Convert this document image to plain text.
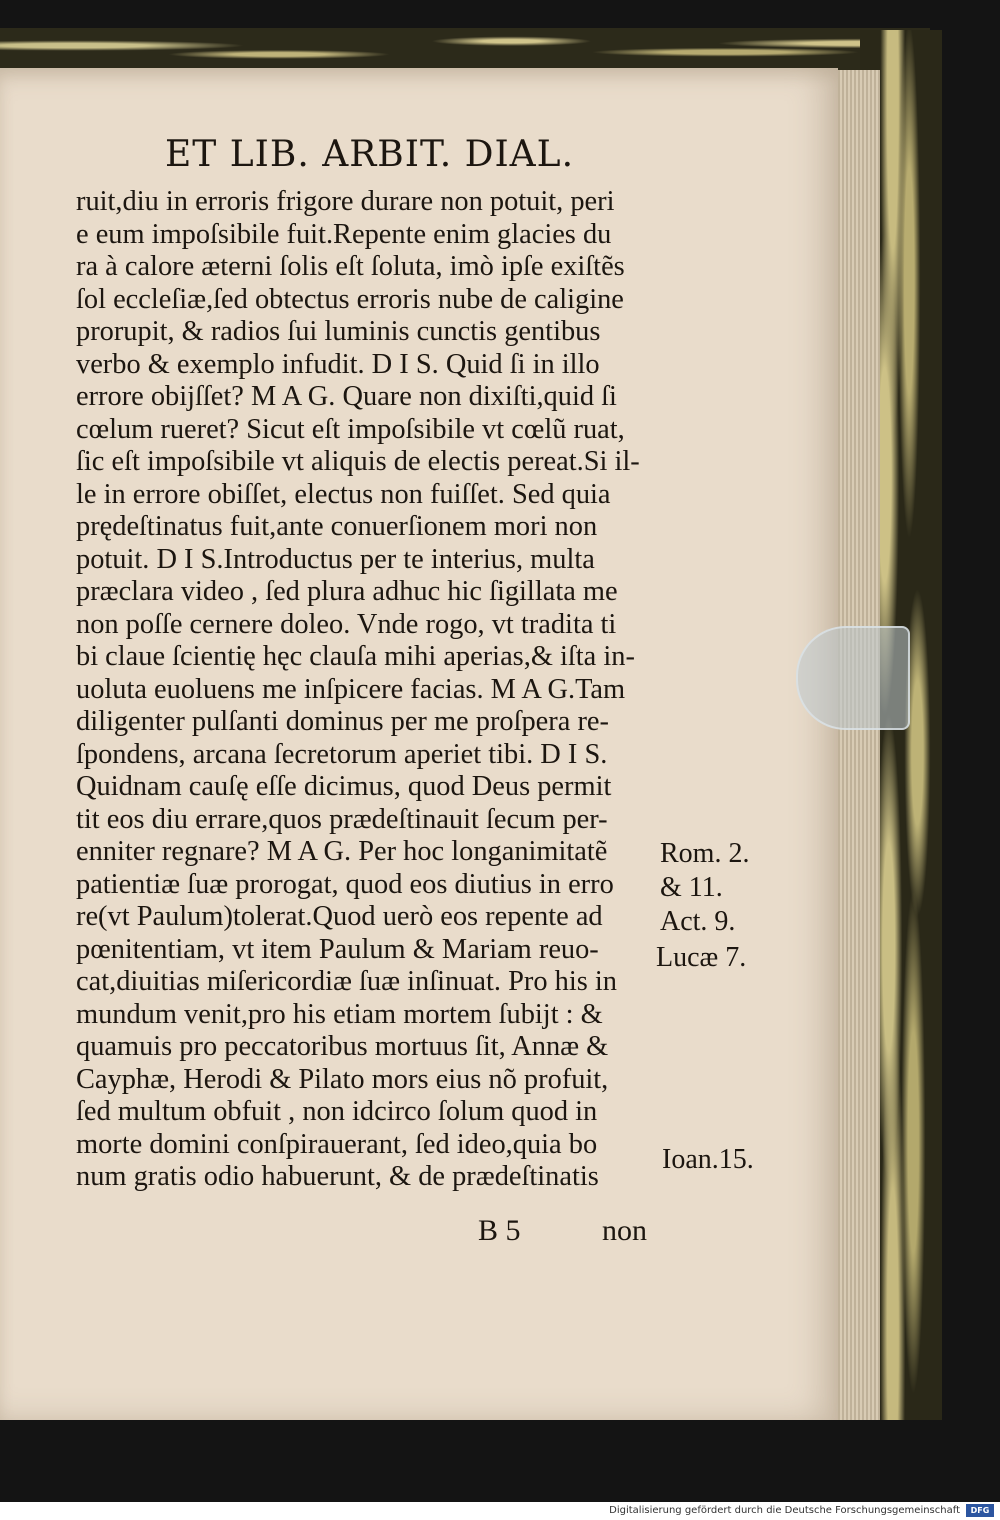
ET LIB. ARBIT. DIAL.
ruit,diu in erroris frigore durare non potuit, peri
e eum impoſsibile fuit.Repente enim glacies du
ra à calore æterni ſolis eſt ſoluta, imò ipſe exiſtẽs
ſol eccleſiæ,ſed obtectus erroris nube de caligine
prorupit, & radios ſui luminis cunctis gentibus
verbo & exemplo infudit. D I S. Quid ſi in illo
errore obijſſet? M A G. Quare non dixiſti,quid ſi
cœlum rueret? Sicut eſt impoſsibile vt cœlũ ruat,
ſic eſt impoſsibile vt aliquis de electis pereat.Si il-
le in errore obiſſet, electus non fuiſſet. Sed quia
prędeſtinatus fuit,ante conuerſionem mori non
potuit. D I S.Introductus per te interius, multa
præclara video , ſed plura adhuc hic ſigillata me
non poſſe cernere doleo. Vnde rogo, vt tradita ti
bi claue ſcientię hęc clauſa mihi aperias,& iſta in-
uoluta euoluens me inſpicere facias. M A G.Tam
diligenter pulſanti dominus per me proſpera re-
ſpondens, arcana ſecretorum aperiet tibi. D I S.
Quidnam cauſę eſſe dicimus, quod Deus permit
tit eos diu errare,quos prædeſtinauit ſecum per-
enniter regnare? M A G. Per hoc longanimitatẽ
patientiæ ſuæ prorogat, quod eos diutius in erro
re(vt Paulum)tolerat.Quod uerò eos repente ad
pœnitentiam, vt item Paulum & Mariam reuo-
cat,diuitias miſericordiæ ſuæ inſinuat. Pro his in
mundum venit,pro his etiam mortem ſubijt : &
quamuis pro peccatoribus mortuus ſit, Annæ &
Cayphæ, Herodi & Pilato mors eius nõ profuit,
ſed multum obfuit , non idcirco ſolum quod in
morte domini conſpirauerant, ſed ideo,quia bo
num gratis odio habuerunt, & de prædeſtinatis
Rom. 2.
& 11.
Act. 9.
Lucæ 7.
Ioan.15.
B 5	non
Digitalisierung gefördert durch die Deutsche Forschungsgemeinschaft	DFG
